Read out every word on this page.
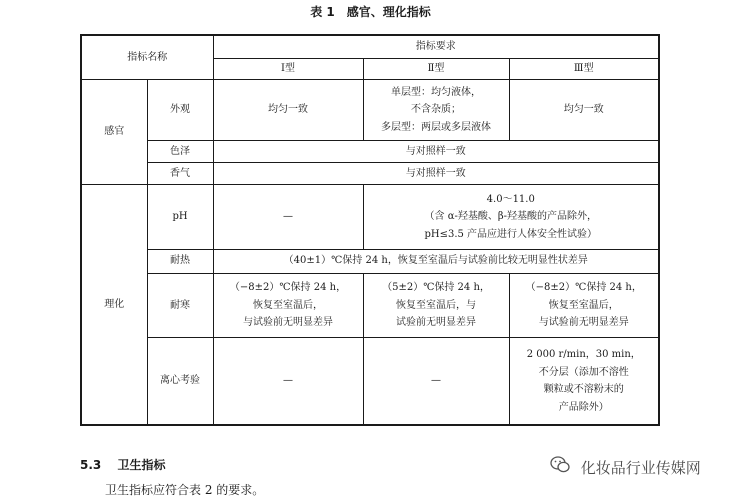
表 1　感官、理化指标
指标名称		指标要求		
		Ⅰ型	Ⅱ型	Ⅲ型
感官	外观	均匀一致	单层型：均匀液体，
不含杂质；
多层型：两层或多层液体	均匀一致
	色泽	与对照样一致		
	香气	与对照样一致		
理化	pH	—	4.0～11.0
（含 α-羟基酸、β-羟基酸的产品除外，
pH≤3.5 产品应进行人体安全性试验）	

	耐热	（40±1）℃保持 24 h，恢复至室温后与试验前比较无明显性状差异		
	耐寒	（−8±2）℃保持 24 h，
恢复至室温后，
与试验前无明显差异	（5±2）℃保持 24 h，
恢复至室温后，与
试验前无明显差异	（−8±2）℃保持 24 h，
恢复至室温后，
与试验前无明显差异

	离心考验	—	—	2 000 r/min，30 min，
不分层（添加不溶性
颗粒或不溶粉末的
产品除外）
5.3 卫生指标
卫生指标应符合表 2 的要求。
化妆品行业传媒网
